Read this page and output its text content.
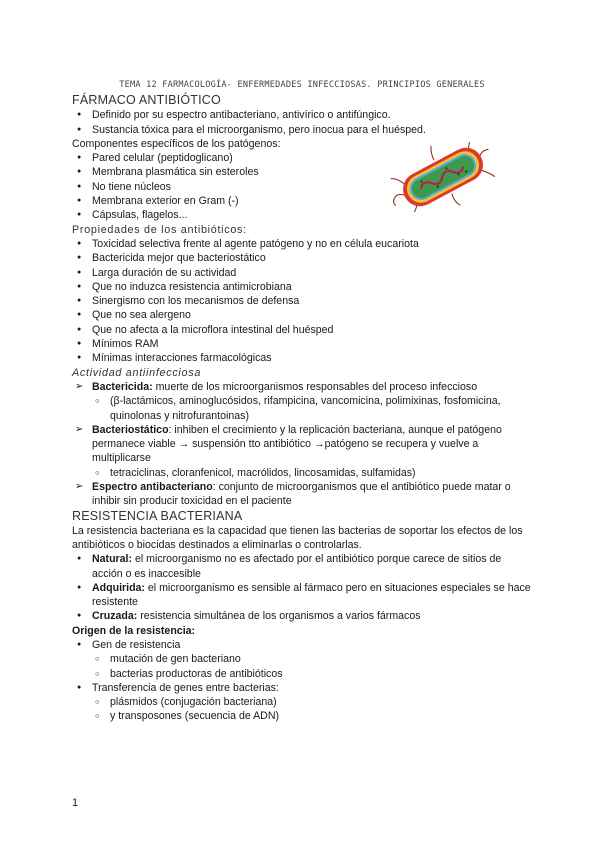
TEMA 12 FARMACOLOGÍA- ENFERMEDADES INFECCIOSAS. PRINCIPIOS GENERALES
FÁRMACO ANTIBIÓTICO
● Definido por su espectro antibacteriano, antivírico o antifúngico.
● Sustancia tóxica para el microorganismo, pero inocua para el huésped.
Componentes específicos de los patógenos:
● Pared celular (peptidoglicano)
● Membrana plasmática sin esteroles
● No tiene núcleos
● Membrana exterior en Gram (-)
● Cápsulas, flagelos...
Propiedades de los antibióticos:
● Toxicidad selectiva frente al agente patógeno y no en célula eucariota
● Bactericida mejor que bacteriostático
● Larga duración de su actividad
● Que no induzca resistencia antimicrobiana
● Sinergismo con los mecanismos de defensa
● Que no sea alergeno
● Que no afecta a la microflora intestinal del huésped
● Mínimos RAM
● Mínimas interacciones farmacológicas
Actividad antiinfecciosa
➢ Bactericida: muerte de los microorganismos responsables del proceso infeccioso
○ (β-lactámicos, aminoglucósidos, rifampicina, vancomicina, polimixinas, fosfomicina, quinolonas y nitrofurantoinas)
➢ Bacteriostático: inhiben el crecimiento y la replicación bacteriana, aunque el patógeno permanece viable → suspensión tto antibiótico →patógeno se recupera y vuelve a multiplicarse
○ tetraciclinas, cloranfenicol, macrólidos, lincosamidas, sulfamidas)
➢ Espectro antibacteriano: conjunto de microorganismos que el antibiótico puede matar o inhibir sin producir toxicidad en el paciente
RESISTENCIA BACTERIANA

La resistencia bacteriana es la capacidad que tienen las bacterias de soportar los efectos de los antibióticos o biocidas destinados a eliminarlas o controlarlas.

● Natural: el microorganismo no es afectado por el antibiótico porque carece de sitios de acción o es inaccesible
● Adquirida: el microorganismo es sensible al fármaco pero en situaciones especiales se hace resistente
● Cruzada: resistencia simultánea de los organismos a varios fármacos
Origen de la resistencia:
● Gen de resistencia
○ mutación de gen bacteriano
○ bacterias productoras de antibióticos
● Transferencia de genes entre bacterias:
○ plásmidos (conjugación bacteriana)
○ y transposones (secuencia de ADN)
1
